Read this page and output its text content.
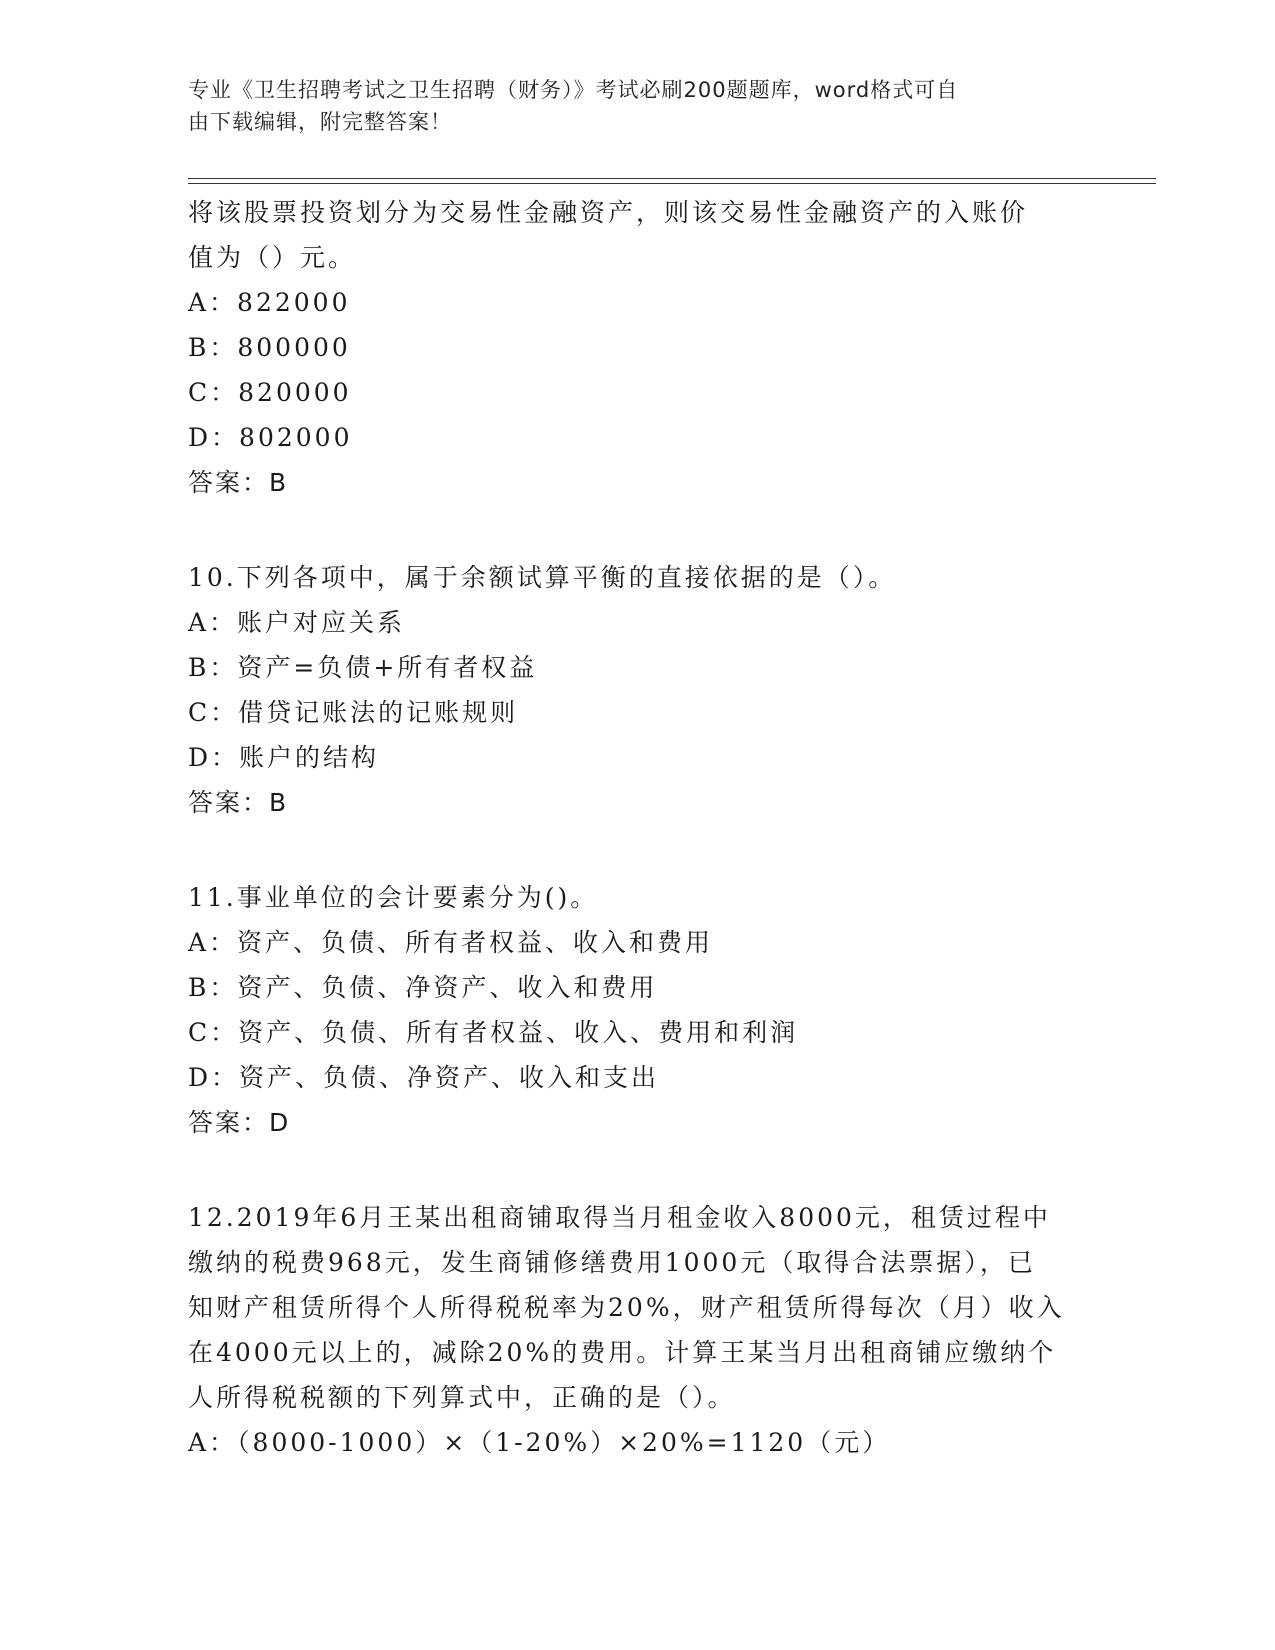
专业《卫生招聘考试之卫生招聘（财务）》考试必刷200题题库，word格式可自
由下载编辑，附完整答案！
将该股票投资划分为交易性金融资产，则该交易性金融资产的入账价
值为（）元。
A：822000
B：800000
C：820000
D：802000
答案：B
10.下列各项中，属于余额试算平衡的直接依据的是（）。
A：账户对应关系
B：资产=负债+所有者权益
C：借贷记账法的记账规则
D：账户的结构
答案：B
11.事业单位的会计要素分为()。
A：资产、负债、所有者权益、收入和费用
B：资产、负债、净资产、收入和费用
C：资产、负债、所有者权益、收入、费用和利润
D：资产、负债、净资产、收入和支出
答案：D
12.2019年6月王某出租商铺取得当月租金收入8000元，租赁过程中
缴纳的税费968元，发生商铺修缮费用1000元（取得合法票据），已
知财产租赁所得个人所得税税率为20%，财产租赁所得每次（月）收入
在4000元以上的，减除20%的费用。计算王某当月出租商铺应缴纳个
人所得税税额的下列算式中，正确的是（）。
A：（8000-1000）×（1-20%）×20%=1120（元）
